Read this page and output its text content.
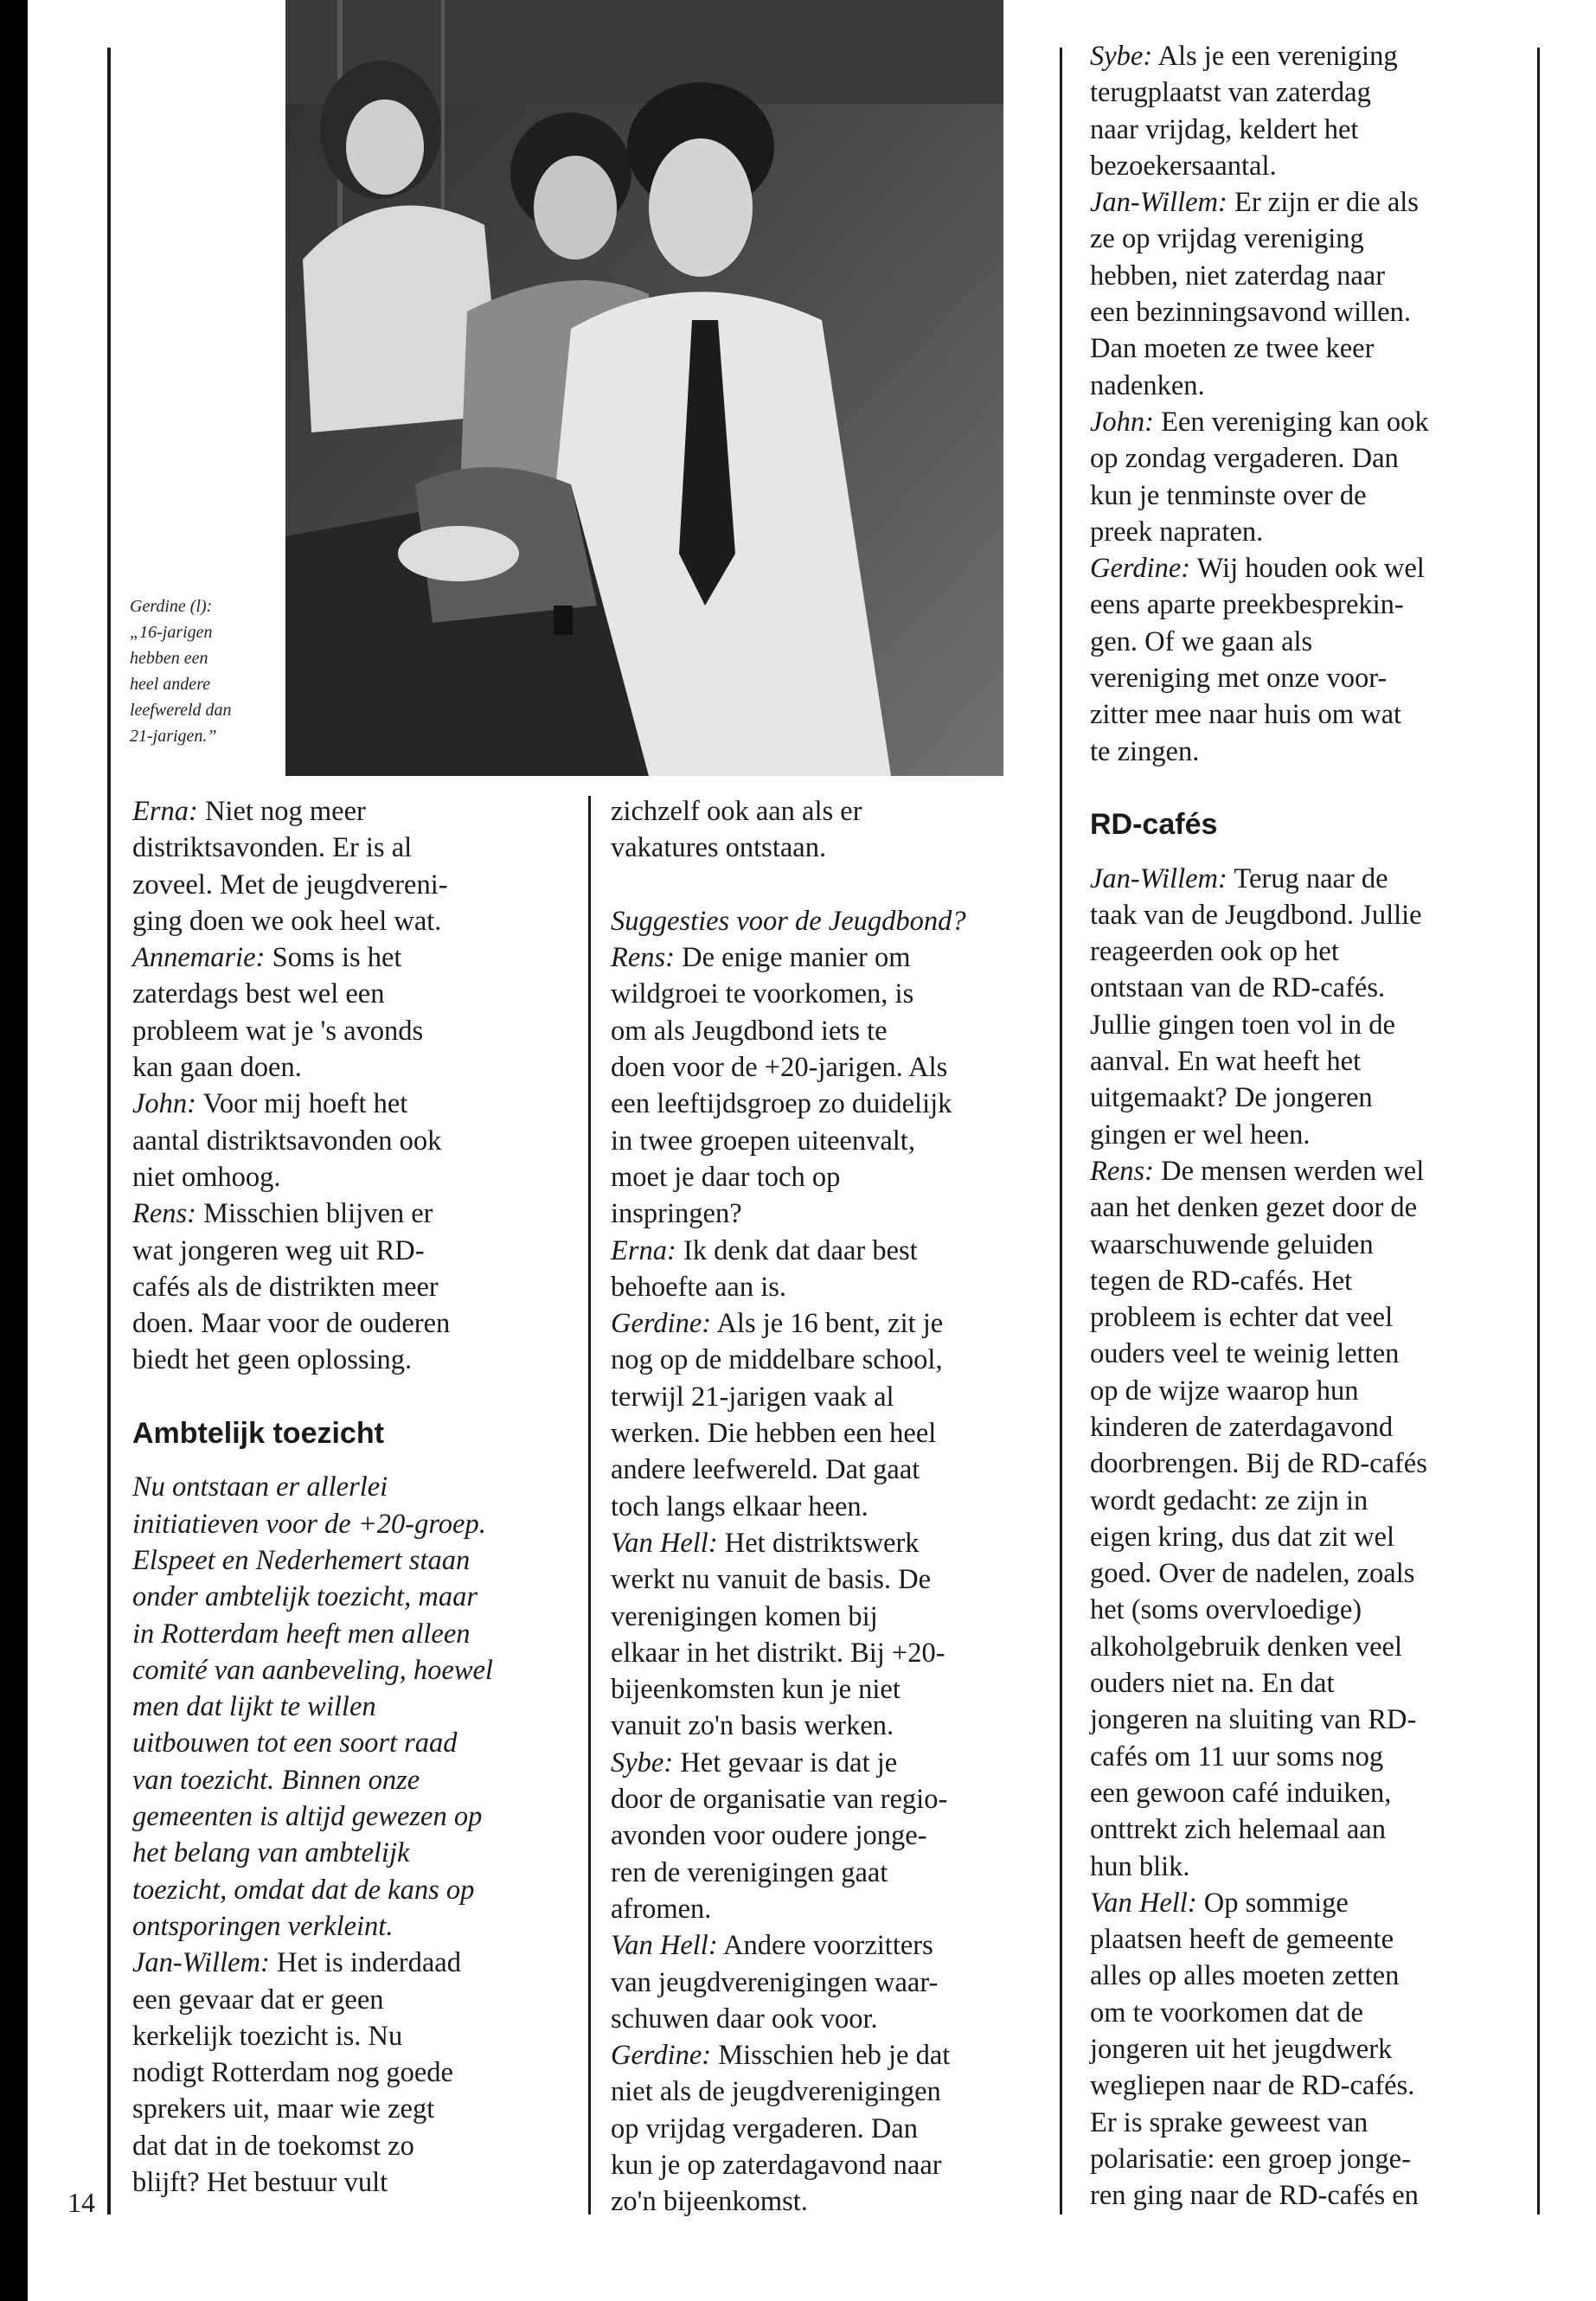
Gerdine (l):
„16-jarigen
hebben een
heel andere
leefwereld dan
21-jarigen.”
Erna: Niet nog meer
distriktsavonden. Er is al
zoveel. Met de jeugdvereni-
ging doen we ook heel wat.
Annemarie: Soms is het
zaterdags best wel een
probleem wat je 's avonds
kan gaan doen.
John: Voor mij hoeft het
aantal distriktsavonden ook
niet omhoog.
Rens: Misschien blijven er
wat jongeren weg uit RD-
cafés als de distrikten meer
doen. Maar voor de ouderen
biedt het geen oplossing.
Ambtelijk toezicht
Nu ontstaan er allerlei
initiatieven voor de +20-groep.
Elspeet en Nederhemert staan
onder ambtelijk toezicht, maar
in Rotterdam heeft men alleen
comité van aanbeveling, hoewel
men dat lijkt te willen
uitbouwen tot een soort raad
van toezicht. Binnen onze
gemeenten is altijd gewezen op
het belang van ambtelijk
toezicht, omdat dat de kans op
ontsporingen verkleint.
Jan-Willem: Het is inderdaad
een gevaar dat er geen
kerkelijk toezicht is. Nu
nodigt Rotterdam nog goede
sprekers uit, maar wie zegt
dat dat in de toekomst zo
blijft? Het bestuur vult
zichzelf ook aan als er
vakatures ontstaan.
Suggesties voor de Jeugdbond?
Rens: De enige manier om
wildgroei te voorkomen, is
om als Jeugdbond iets te
doen voor de +20-jarigen. Als
een leeftijdsgroep zo duidelijk
in twee groepen uiteenvalt,
moet je daar toch op
inspringen?
Erna: Ik denk dat daar best
behoefte aan is.
Gerdine: Als je 16 bent, zit je
nog op de middelbare school,
terwijl 21-jarigen vaak al
werken. Die hebben een heel
andere leefwereld. Dat gaat
toch langs elkaar heen.
Van Hell: Het distriktswerk
werkt nu vanuit de basis. De
verenigingen komen bij
elkaar in het distrikt. Bij +20-
bijeenkomsten kun je niet
vanuit zo'n basis werken.
Sybe: Het gevaar is dat je
door de organisatie van regio-
avonden voor oudere jonge-
ren de verenigingen gaat
afromen.
Van Hell: Andere voorzitters
van jeugdverenigingen waar-
schuwen daar ook voor.
Gerdine: Misschien heb je dat
niet als de jeugdverenigingen
op vrijdag vergaderen. Dan
kun je op zaterdagavond naar
zo'n bijeenkomst.
Sybe: Als je een vereniging
terugplaatst van zaterdag
naar vrijdag, keldert het
bezoekersaantal.
Jan-Willem: Er zijn er die als
ze op vrijdag vereniging
hebben, niet zaterdag naar
een bezinningsavond willen.
Dan moeten ze twee keer
nadenken.
John: Een vereniging kan ook
op zondag vergaderen. Dan
kun je tenminste over de
preek napraten.
Gerdine: Wij houden ook wel
eens aparte preekbesprekin-
gen. Of we gaan als
vereniging met onze voor-
zitter mee naar huis om wat
te zingen.
RD-cafés
Jan-Willem: Terug naar de
taak van de Jeugdbond. Jullie
reageerden ook op het
ontstaan van de RD-cafés.
Jullie gingen toen vol in de
aanval. En wat heeft het
uitgemaakt? De jongeren
gingen er wel heen.
Rens: De mensen werden wel
aan het denken gezet door de
waarschuwende geluiden
tegen de RD-cafés. Het
probleem is echter dat veel
ouders veel te weinig letten
op de wijze waarop hun
kinderen de zaterdagavond
doorbrengen. Bij de RD-cafés
wordt gedacht: ze zijn in
eigen kring, dus dat zit wel
goed. Over de nadelen, zoals
het (soms overvloedige)
alkoholgebruik denken veel
ouders niet na. En dat
jongeren na sluiting van RD-
cafés om 11 uur soms nog
een gewoon café induiken,
onttrekt zich helemaal aan
hun blik.
Van Hell: Op sommige
plaatsen heeft de gemeente
alles op alles moeten zetten
om te voorkomen dat de
jongeren uit het jeugdwerk
wegliepen naar de RD-cafés.
Er is sprake geweest van
polarisatie: een groep jonge-
ren ging naar de RD-cafés en
14
